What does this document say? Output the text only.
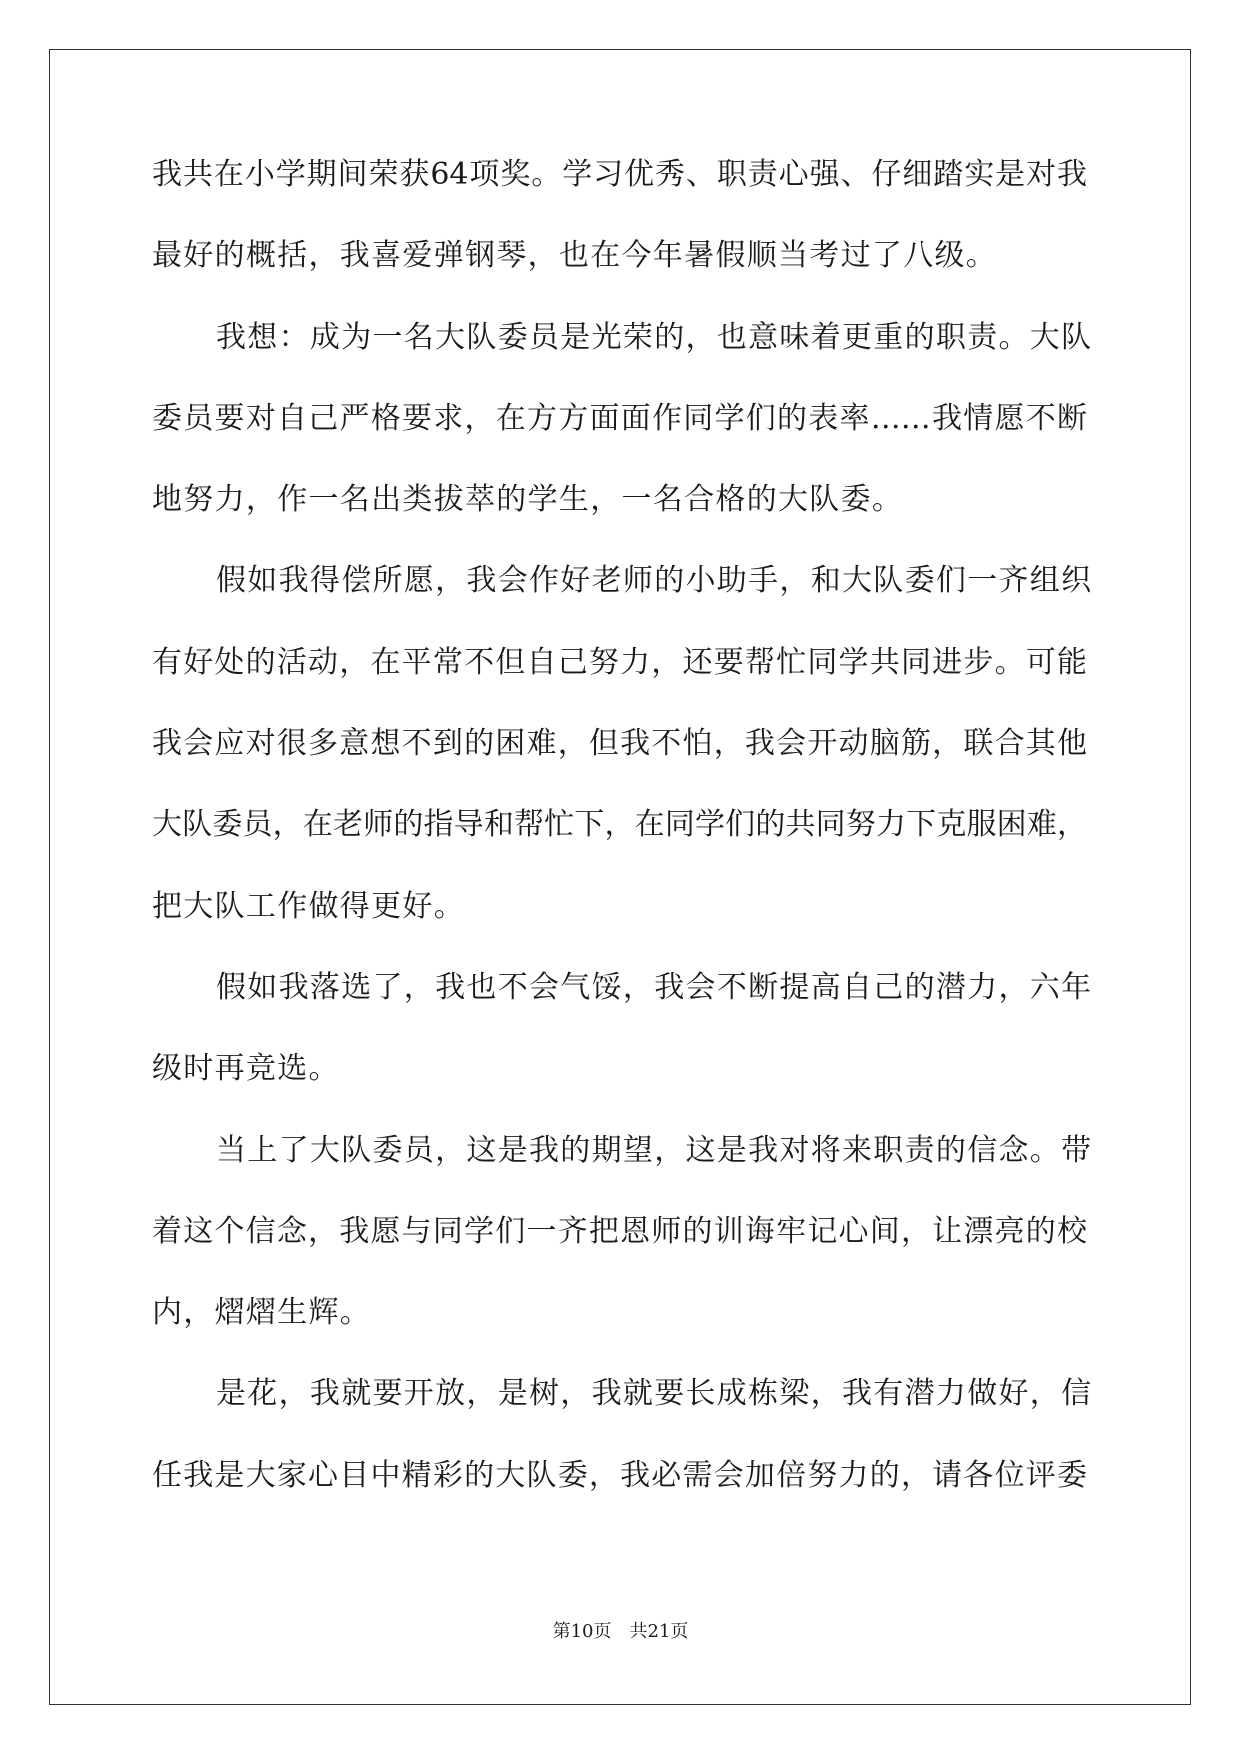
我共在小学期间荣获64项奖。学习优秀、职责心强、仔细踏实是对我
最好的概括，我喜爱弹钢琴，也在今年暑假顺当考过了八级。
我想：成为一名大队委员是光荣的，也意味着更重的职责。大队
委员要对自己严格要求，在方方面面作同学们的表率……我情愿不断
地努力，作一名出类拔萃的学生，一名合格的大队委。
假如我得偿所愿，我会作好老师的小助手，和大队委们一齐组织
有好处的活动，在平常不但自己努力，还要帮忙同学共同进步。可能
我会应对很多意想不到的困难，但我不怕，我会开动脑筋，联合其他
大队委员，在老师的指导和帮忙下，在同学们的共同努力下克服困难，
把大队工作做得更好。
假如我落选了，我也不会气馁，我会不断提高自己的潜力，六年
级时再竞选。
当上了大队委员，这是我的期望，这是我对将来职责的信念。带
着这个信念，我愿与同学们一齐把恩师的训诲牢记心间，让漂亮的校
内，熠熠生辉。
是花，我就要开放，是树，我就要长成栋梁，我有潜力做好，信
任我是大家心目中精彩的大队委，我必需会加倍努力的，请各位评委
第10页　共21页
